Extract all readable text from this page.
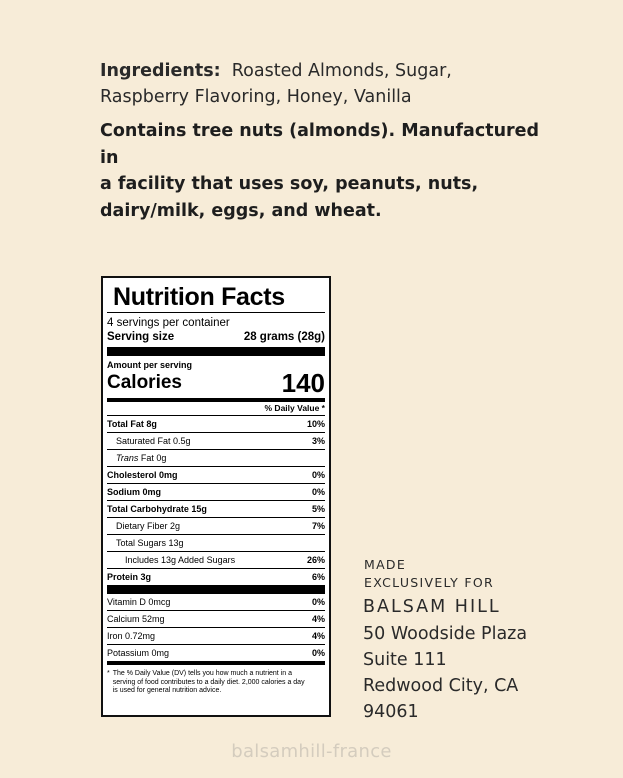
Ingredients: Roasted Almonds, Sugar,
Raspberry Flavoring, Honey, Vanilla
Contains tree nuts (almonds). Manufactured in
a facility that uses soy, peanuts, nuts,
dairy/milk, eggs, and wheat.
Nutrition Facts
4 servings per container
Serving size	28 grams (28g)
Amount per serving
Calories	140
% Daily Value *
Total Fat 8g	10%
Saturated Fat 0.5g	3%
Trans Fat 0g
Cholesterol 0mg	0%
Sodium 0mg	0%
Total Carbohydrate 15g	5%
Dietary Fiber 2g	7%
Total Sugars 13g
Includes 13g Added Sugars	26%
Protein 3g	6%
Vitamin D 0mcg	0%
Calcium 52mg	4%
Iron 0.72mg	4%
Potassium 0mg	0%
* The % Daily Value (DV) tells you how much a nutrient in a serving of food contributes to a daily diet. 2,000 calories a day is used for general nutrition advice.
MADE
EXCLUSIVELY FOR
BALSAM HILL
50 Woodside Plaza
Suite 111
Redwood City, CA
94061
balsamhill-france
